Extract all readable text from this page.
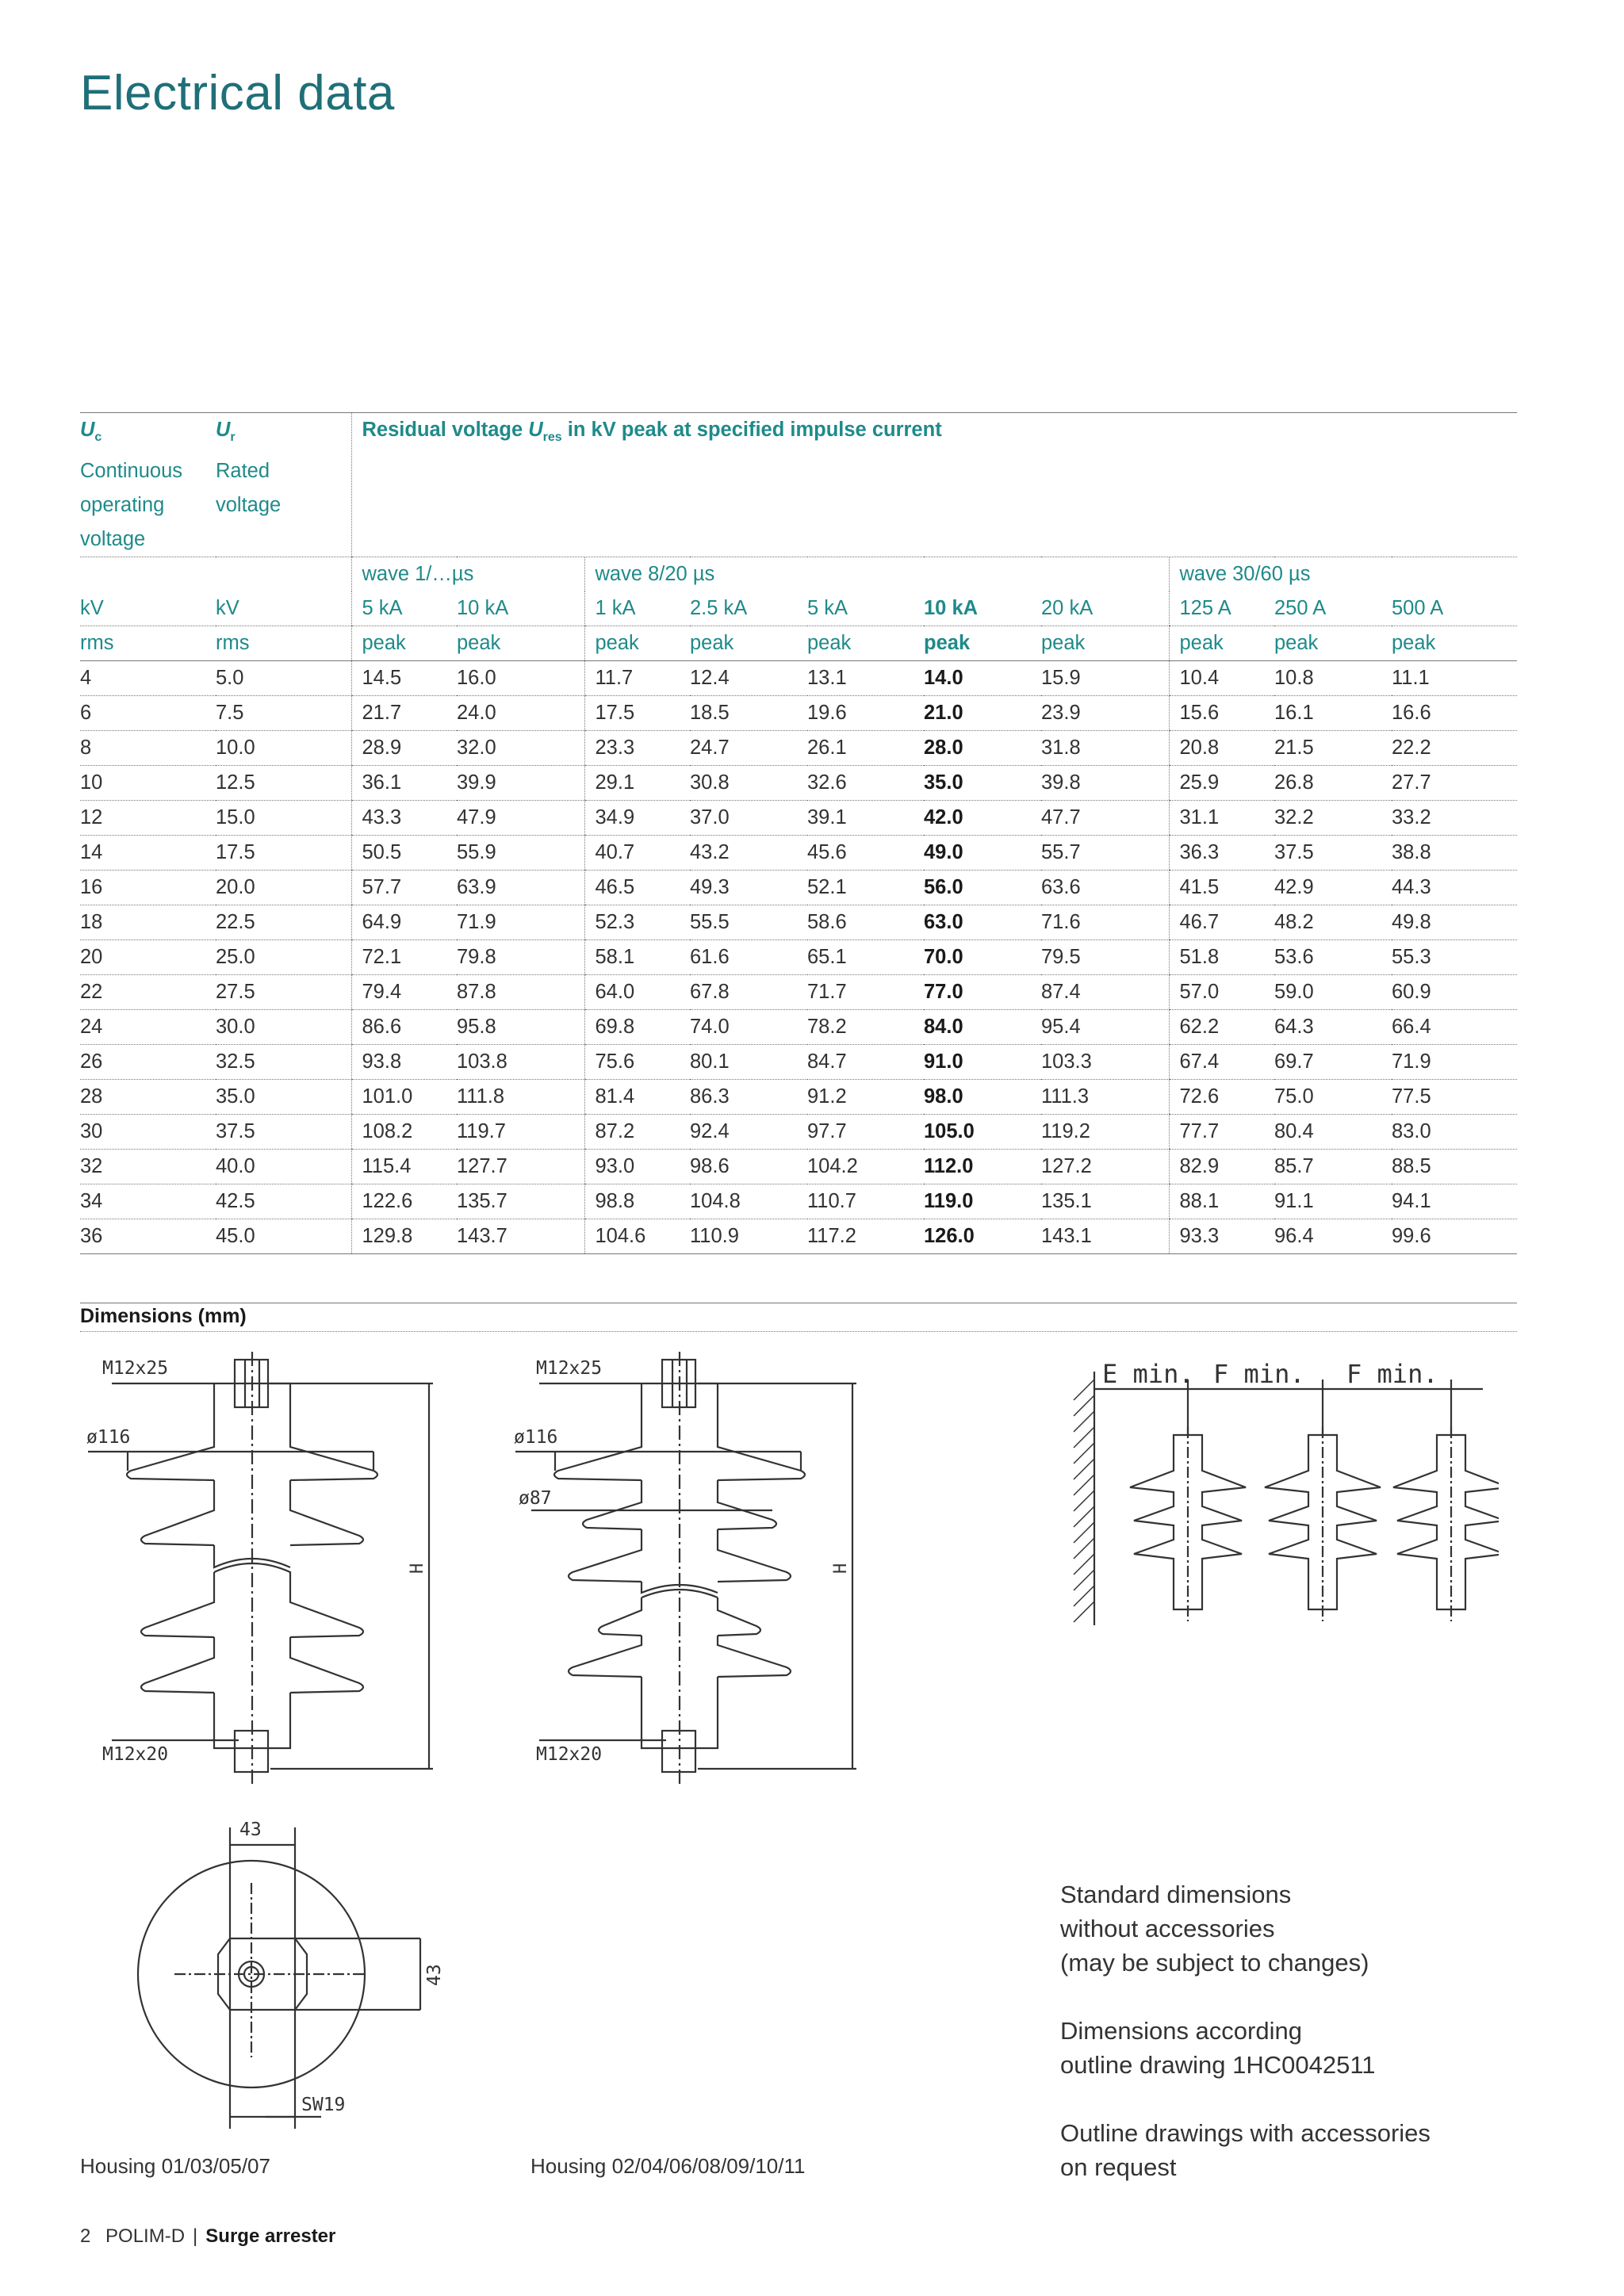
Electrical data
$U_c$
Continuous
operating
voltage	$U_r$
Rated
voltage	Residual voltage $U_{res}$ in kV peak at specified impulse current									
		wave 1/…µs		wave 8/20 µs					wave 30/60 µs		
kV	kV	5 kA	10 kA	1 kA	2.5 kA	5 kA	10 kA	20 kA	125 A	250 A	500 A
rms	rms	peak	peak	peak	peak	peak	peak	peak	peak	peak	peak
4	5.0	14.5	16.0	11.7	12.4	13.1	14.0	15.9	10.4	10.8	11.1
6	7.5	21.7	24.0	17.5	18.5	19.6	21.0	23.9	15.6	16.1	16.6
8	10.0	28.9	32.0	23.3	24.7	26.1	28.0	31.8	20.8	21.5	22.2
10	12.5	36.1	39.9	29.1	30.8	32.6	35.0	39.8	25.9	26.8	27.7
12	15.0	43.3	47.9	34.9	37.0	39.1	42.0	47.7	31.1	32.2	33.2
14	17.5	50.5	55.9	40.7	43.2	45.6	49.0	55.7	36.3	37.5	38.8
16	20.0	57.7	63.9	46.5	49.3	52.1	56.0	63.6	41.5	42.9	44.3
18	22.5	64.9	71.9	52.3	55.5	58.6	63.0	71.6	46.7	48.2	49.8
20	25.0	72.1	79.8	58.1	61.6	65.1	70.0	79.5	51.8	53.6	55.3
22	27.5	79.4	87.8	64.0	67.8	71.7	77.0	87.4	57.0	59.0	60.9
24	30.0	86.6	95.8	69.8	74.0	78.2	84.0	95.4	62.2	64.3	66.4
26	32.5	93.8	103.8	75.6	80.1	84.7	91.0	103.3	67.4	69.7	71.9
28	35.0	101.0	111.8	81.4	86.3	91.2	98.0	111.3	72.6	75.0	77.5
30	37.5	108.2	119.7	87.2	92.4	97.7	105.0	119.2	77.7	80.4	83.0
32	40.0	115.4	127.7	93.0	98.6	104.2	112.0	127.2	82.9	85.7	88.5
34	42.5	122.6	135.7	98.8	104.8	110.7	119.0	135.1	88.1	91.1	94.1
36	45.0	129.8	143.7	104.6	110.9	117.2	126.0	143.1	93.3	96.4	99.6
Dimensions (mm)
M12x25
ø116
M12x20
H
M12x25
ø116
ø87
M12x20
H
E min. F min. F min.
43
43
SW19
Standard dimensions
without accessories
(may be subject to changes)
Dimensions according
outline drawing 1HC0042511
Outline drawings with accessories
on request
Housing 01/03/05/07	Housing 02/04/06/08/09/10/11
2 POLIM-D | Surge arrester
